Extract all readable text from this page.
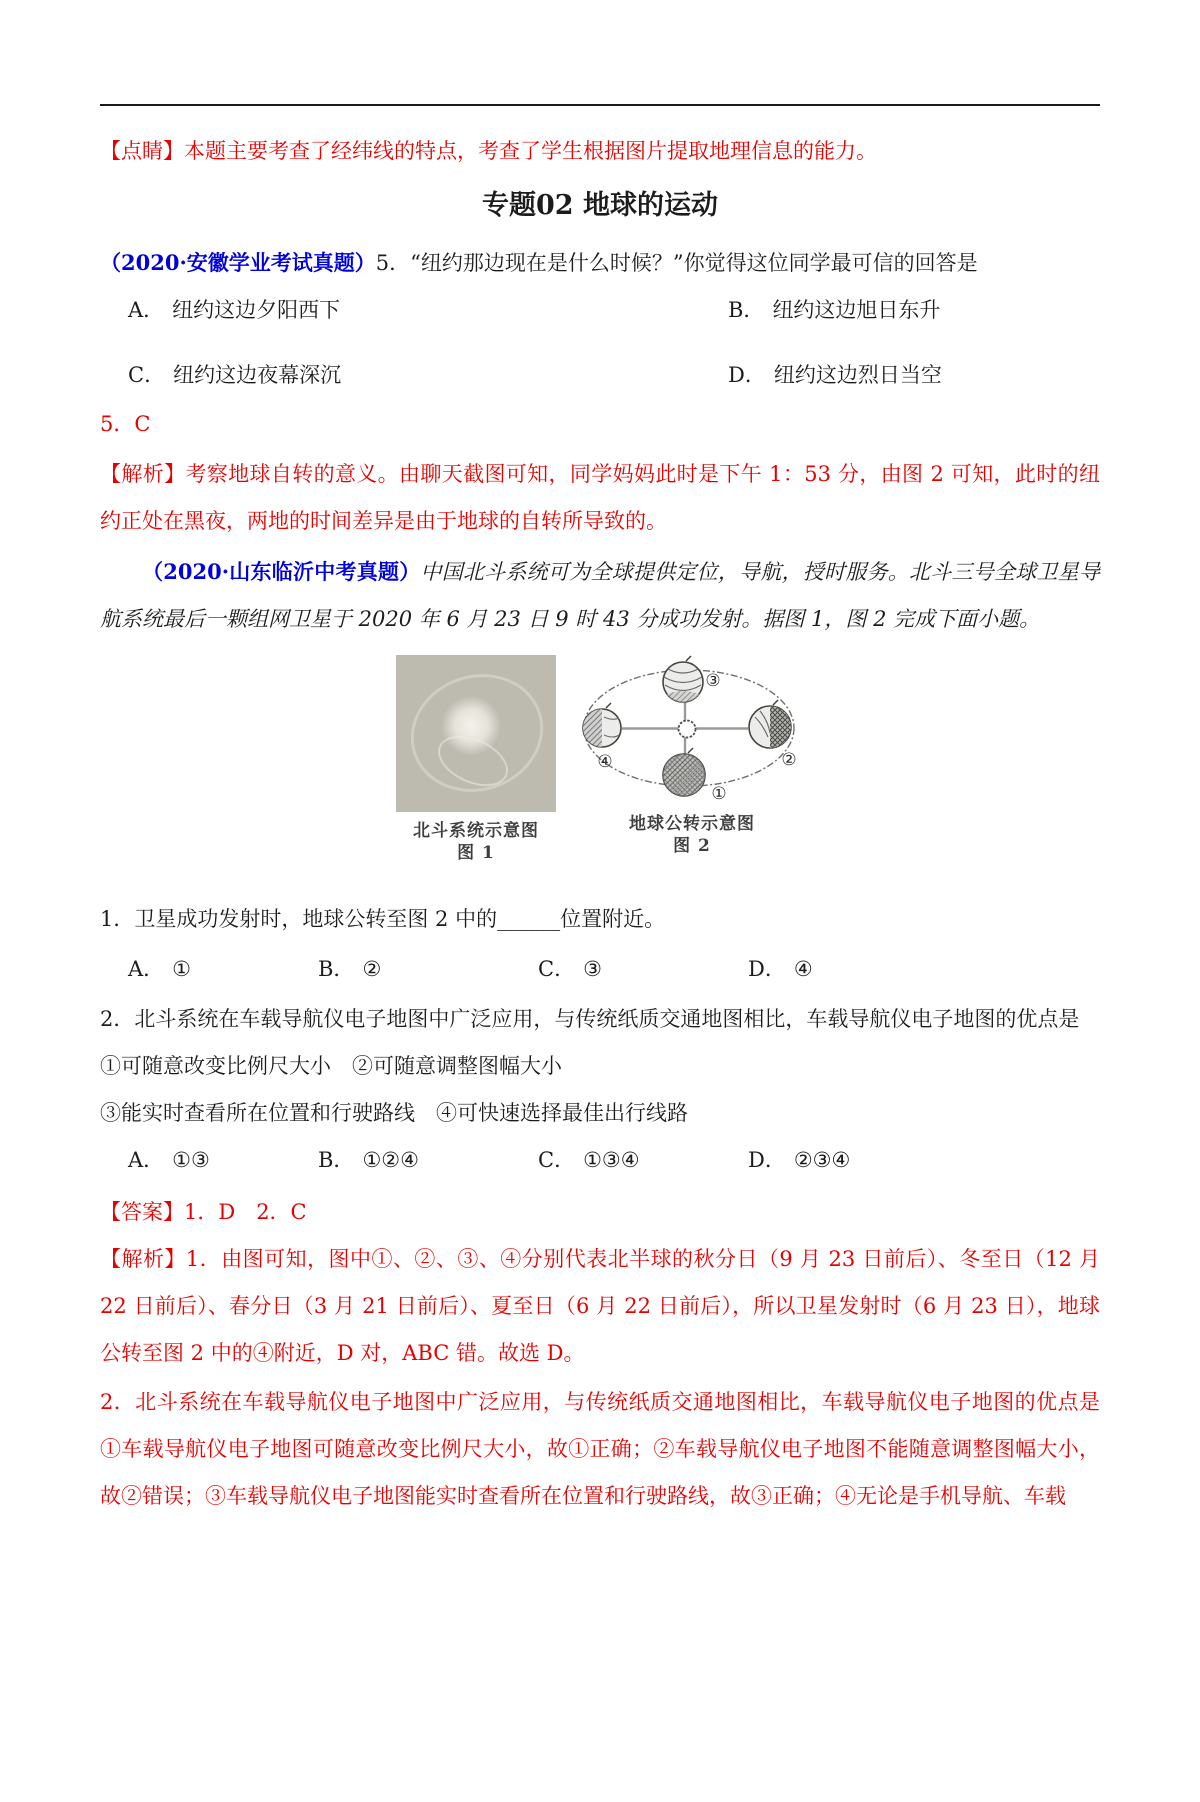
【点睛】本题主要考查了经纬线的特点，考查了学生根据图片提取地理信息的能力。

专题02 地球的运动

（2020·安徽学业考试真题）5．“纽约那边现在是什么时候？”你觉得这位同学最可信的回答是

A． 纽约这边夕阳西下	B． 纽约这边旭日东升
C． 纽约这边夜幕深沉	D． 纽约这边烈日当空

5．C

【解析】考察地球自转的意义。由聊天截图可知，同学妈妈此时是下午 1：53 分，由图 2 可知，此时的纽约正处在黑夜，两地的时间差异是由于地球的自转所导致的。

（2020·山东临沂中考真题）中国北斗系统可为全球提供定位，导航，授时服务。北斗三号全球卫星导航系统最后一颗组网卫星于 2020 年 6 月 23 日 9 时 43 分成功发射。据图 1，图 2 完成下面小题。

北斗系统示意图
图 1
③
②
①
④
地球公转示意图
图 2

1．卫星成功发射时，地球公转至图 2 中的______位置附近。

A． ①	B． ②	C． ③	D． ④

2．北斗系统在车载导航仪电子地图中广泛应用，与传统纸质交通地图相比，车载导航仪电子地图的优点是

①可随意改变比例尺大小　②可随意调整图幅大小

③能实时查看所在位置和行驶路线　④可快速选择最佳出行线路

A． ①③	B． ①②④	C． ①③④	D． ②③④

【答案】1．D　2．C

【解析】1．由图可知，图中①、②、③、④分别代表北半球的秋分日（9 月 23 日前后）、冬至日（12 月 22 日前后）、春分日（3 月 21 日前后）、夏至日（6 月 22 日前后），所以卫星发射时（6 月 23 日），地球公转至图 2 中的④附近，D 对，ABC 错。故选 D。

2．北斗系统在车载导航仪电子地图中广泛应用，与传统纸质交通地图相比，车载导航仪电子地图的优点是①车载导航仪电子地图可随意改变比例尺大小，故①正确；②车载导航仪电子地图不能随意调整图幅大小，故②错误；③车载导航仪电子地图能实时查看所在位置和行驶路线，故③正确；④无论是手机导航、车载
